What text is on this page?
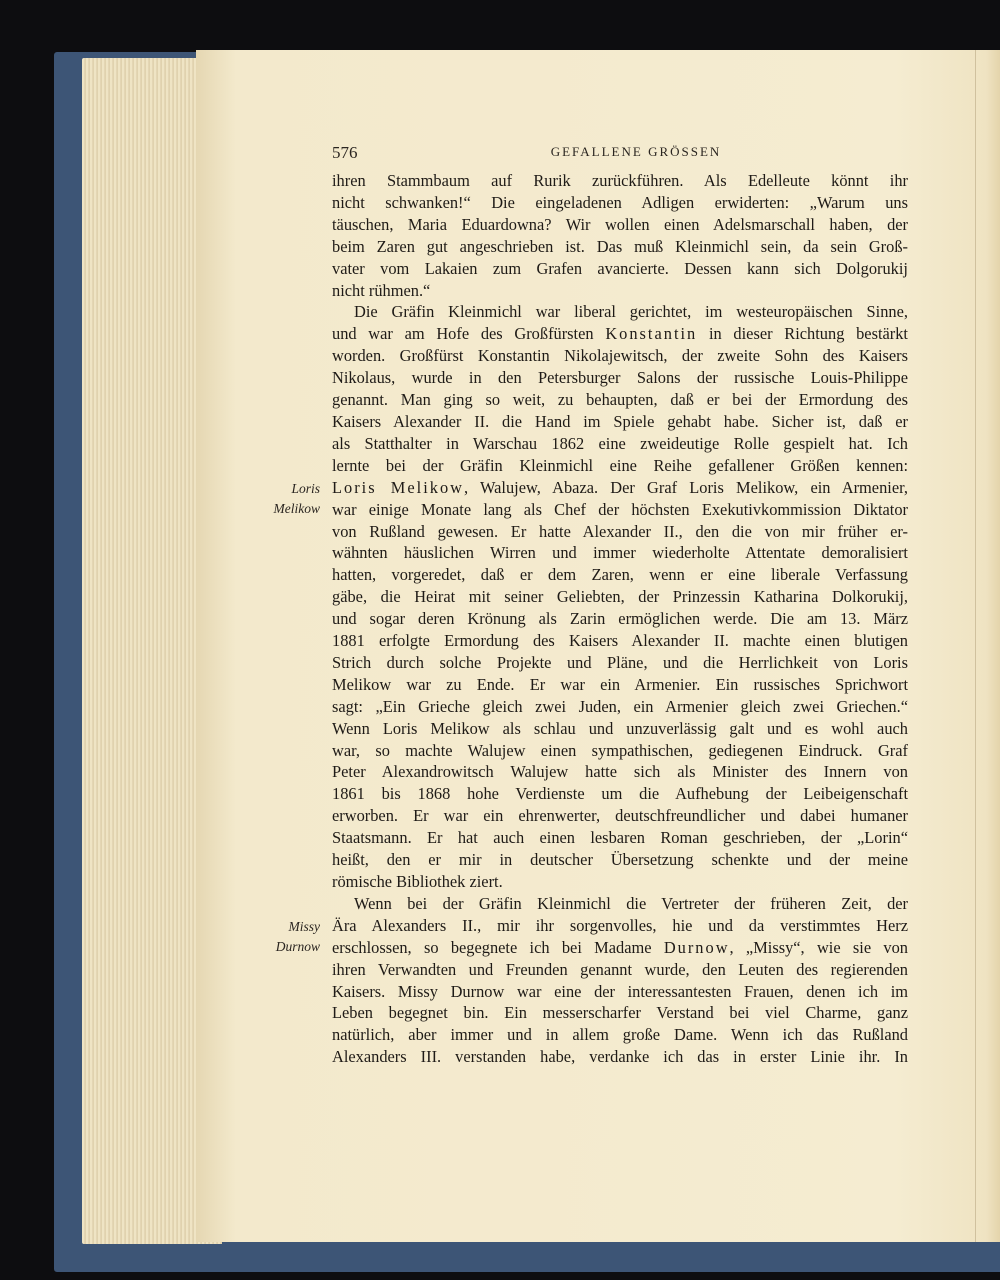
576	GEFALLENE GRÖSSEN
Loris
Melikow
Missy
Durnow

ihren Stammbaum auf Rurik zurückführen. Als Edelleute könnt ihr

nicht schwanken!“ Die eingeladenen Adligen erwiderten: „Warum uns

täuschen, Maria Eduardowna? Wir wollen einen Adelsmarschall haben, der

beim Zaren gut angeschrieben ist. Das muß Kleinmichl sein, da sein Groß-

vater vom Lakaien zum Grafen avancierte. Dessen kann sich Dolgorukij

nicht rühmen.“

Die Gräfin Kleinmichl war liberal gerichtet, im westeuropäischen Sinne,

und war am Hofe des Großfürsten Konstantin in dieser Richtung bestärkt

worden. Großfürst Konstantin Nikolajewitsch, der zweite Sohn des Kaisers

Nikolaus, wurde in den Petersburger Salons der russische Louis-Philippe

genannt. Man ging so weit, zu behaupten, daß er bei der Ermordung des

Kaisers Alexander II. die Hand im Spiele gehabt habe. Sicher ist, daß er

als Statthalter in Warschau 1862 eine zweideutige Rolle gespielt hat. Ich

lernte bei der Gräfin Kleinmichl eine Reihe gefallener Größen kennen:

Loris Melikow, Walujew, Abaza. Der Graf Loris Melikow, ein Armenier,

war einige Monate lang als Chef der höchsten Exekutivkommission Diktator

von Rußland gewesen. Er hatte Alexander II., den die von mir früher er-

wähnten häuslichen Wirren und immer wiederholte Attentate demoralisiert

hatten, vorgeredet, daß er dem Zaren, wenn er eine liberale Verfassung

gäbe, die Heirat mit seiner Geliebten, der Prinzessin Katharina Dolkorukij,

und sogar deren Krönung als Zarin ermöglichen werde. Die am 13. März

1881 erfolgte Ermordung des Kaisers Alexander II. machte einen blutigen

Strich durch solche Projekte und Pläne, und die Herrlichkeit von Loris

Melikow war zu Ende. Er war ein Armenier. Ein russisches Sprichwort

sagt: „Ein Grieche gleich zwei Juden, ein Armenier gleich zwei Griechen.“

Wenn Loris Melikow als schlau und unzuverlässig galt und es wohl auch

war, so machte Walujew einen sympathischen, gediegenen Eindruck. Graf

Peter Alexandrowitsch Walujew hatte sich als Minister des Innern von

1861 bis 1868 hohe Verdienste um die Aufhebung der Leibeigenschaft

erworben. Er war ein ehrenwerter, deutschfreundlicher und dabei humaner

Staatsmann. Er hat auch einen lesbaren Roman geschrieben, der „Lorin“

heißt, den er mir in deutscher Übersetzung schenkte und der meine

römische Bibliothek ziert.

Wenn bei der Gräfin Kleinmichl die Vertreter der früheren Zeit, der

Ära Alexanders II., mir ihr sorgenvolles, hie und da verstimmtes Herz

erschlossen, so begegnete ich bei Madame Durnow, „Missy“, wie sie von

ihren Verwandten und Freunden genannt wurde, den Leuten des regierenden

Kaisers. Missy Durnow war eine der interessantesten Frauen, denen ich im

Leben begegnet bin. Ein messerscharfer Verstand bei viel Charme, ganz

natürlich, aber immer und in allem große Dame. Wenn ich das Rußland

Alexanders III. verstanden habe, verdanke ich das in erster Linie ihr. In
